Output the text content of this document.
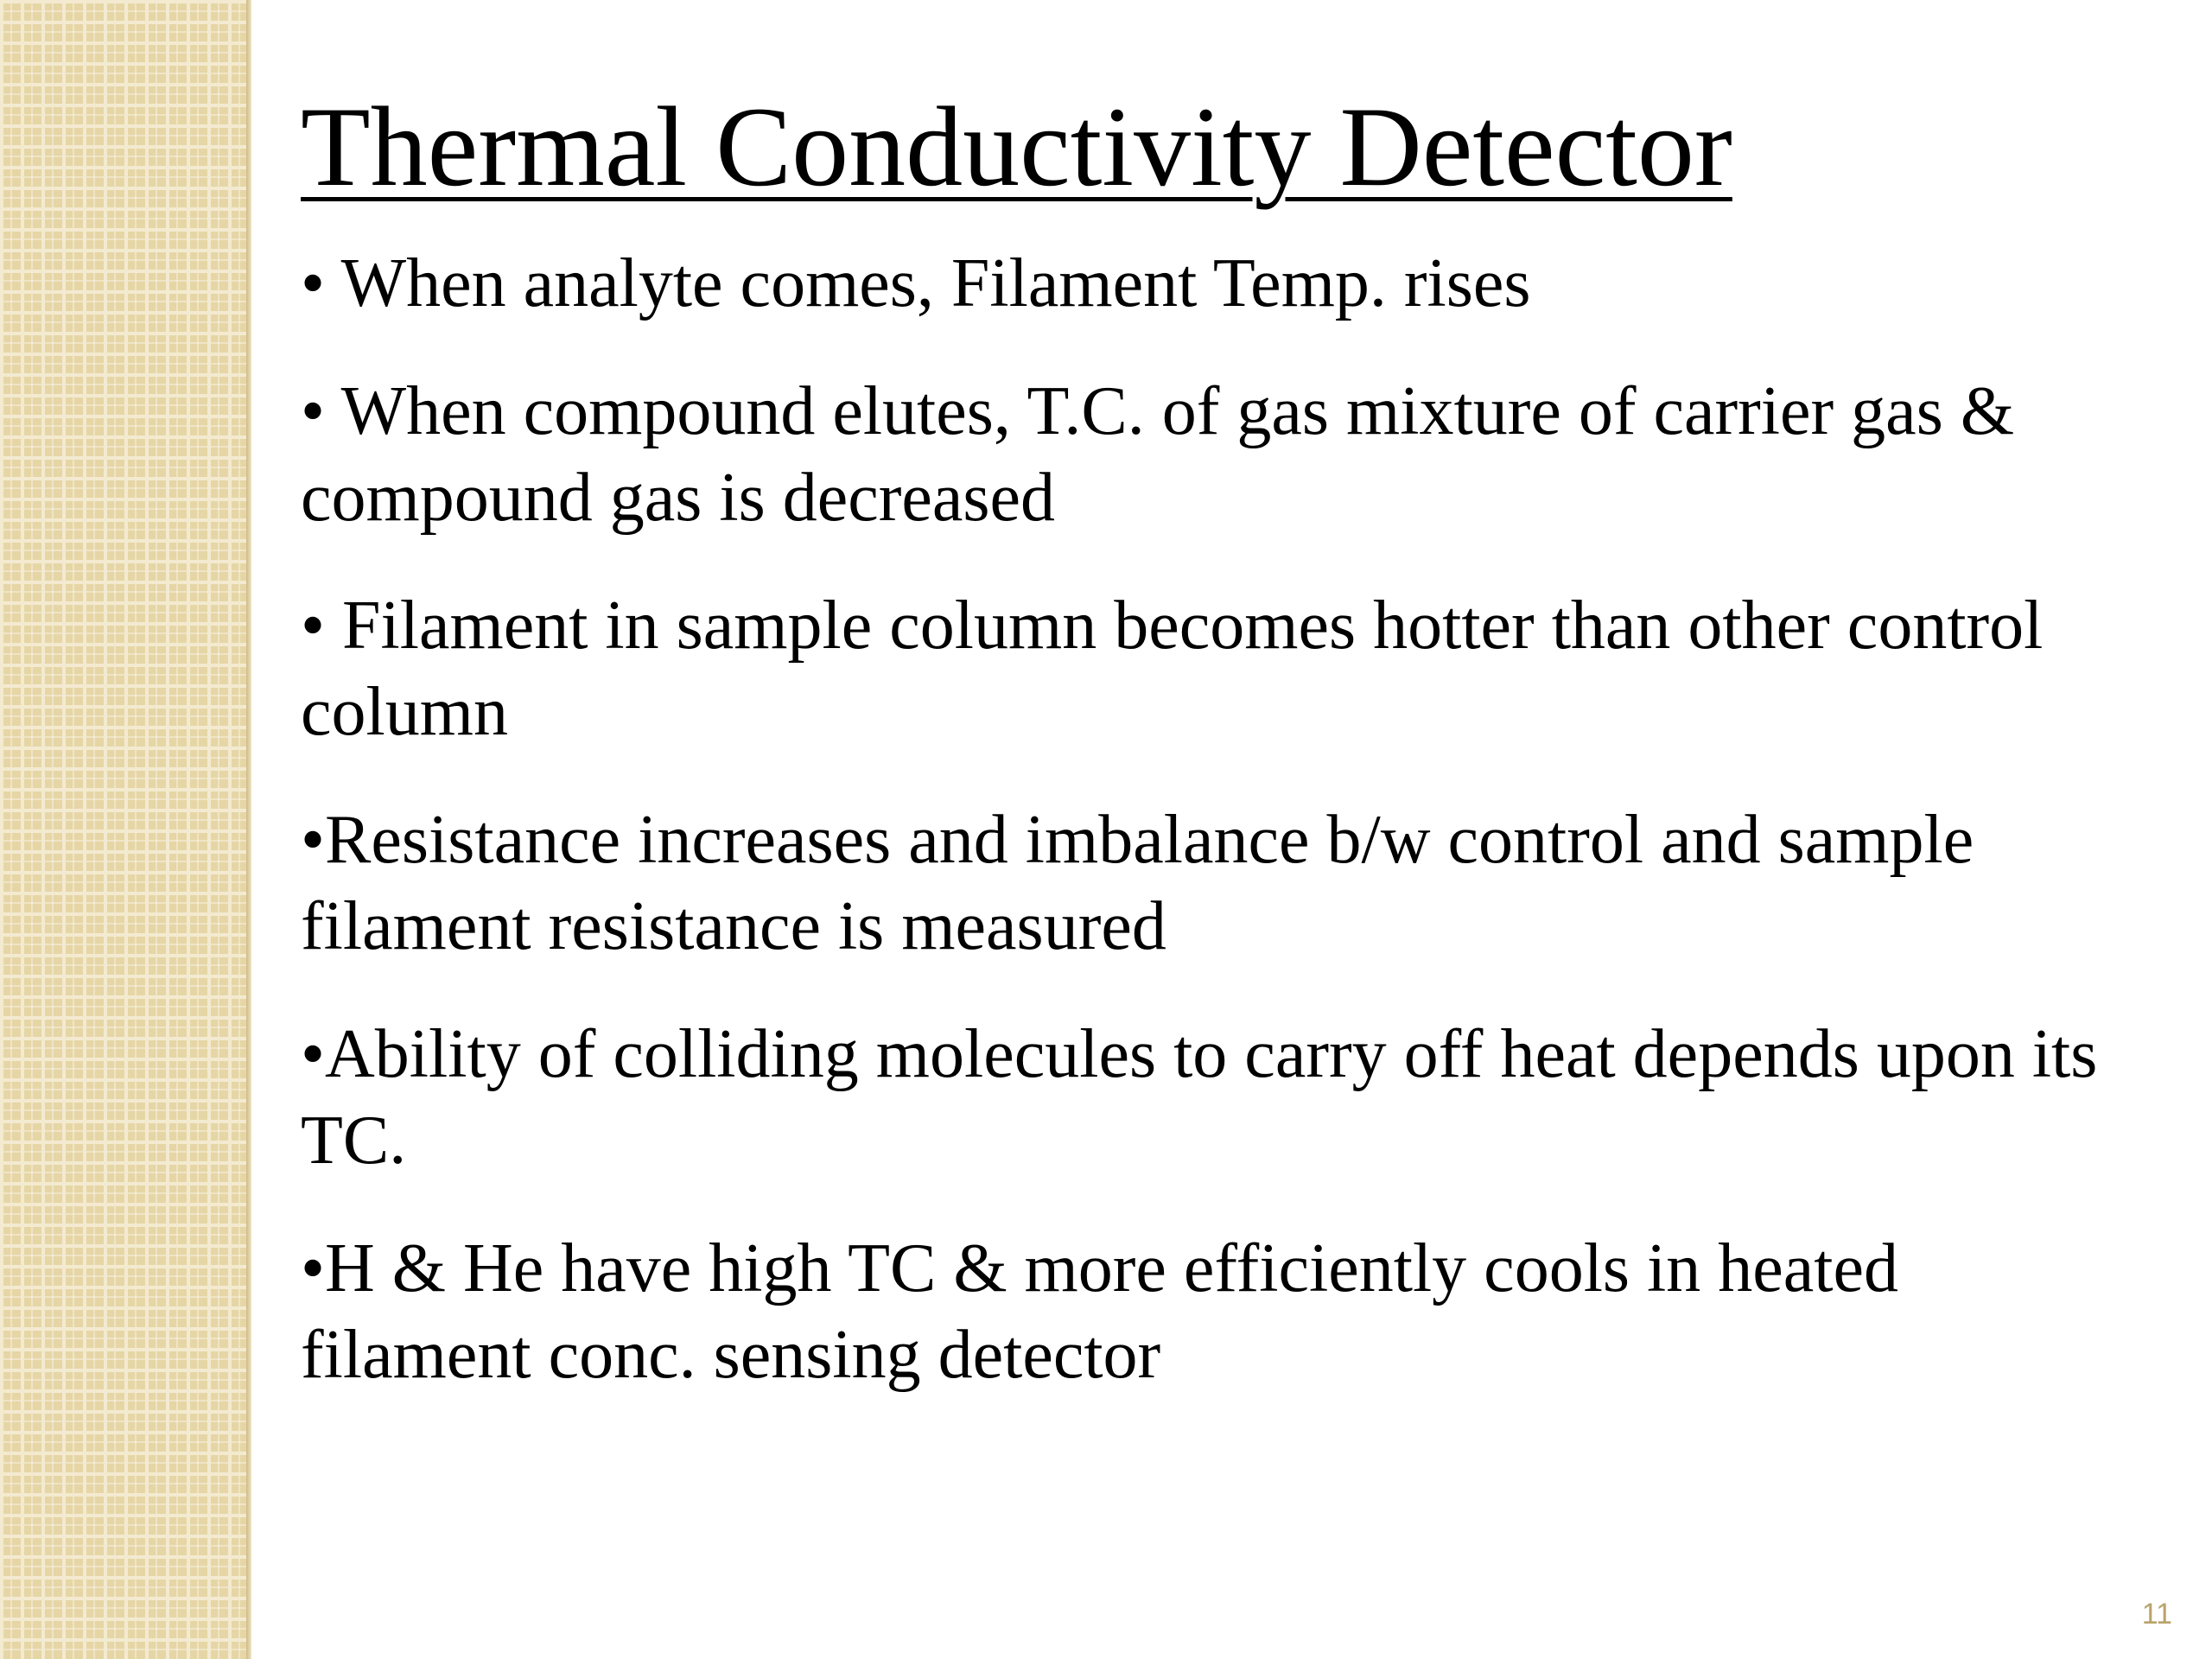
Thermal Conductivity Detector
• When analyte comes, Filament Temp. rises
• When compound elutes, T.C. of gas mixture of carrier gas & compound gas is decreased
• Filament in sample column becomes hotter than other control column
•Resistance increases and imbalance b/w control and sample filament resistance is measured
•Ability of colliding molecules to carry off heat depends upon its TC.
•H & He have high TC & more efficiently cools in heated filament conc. sensing detector
11
